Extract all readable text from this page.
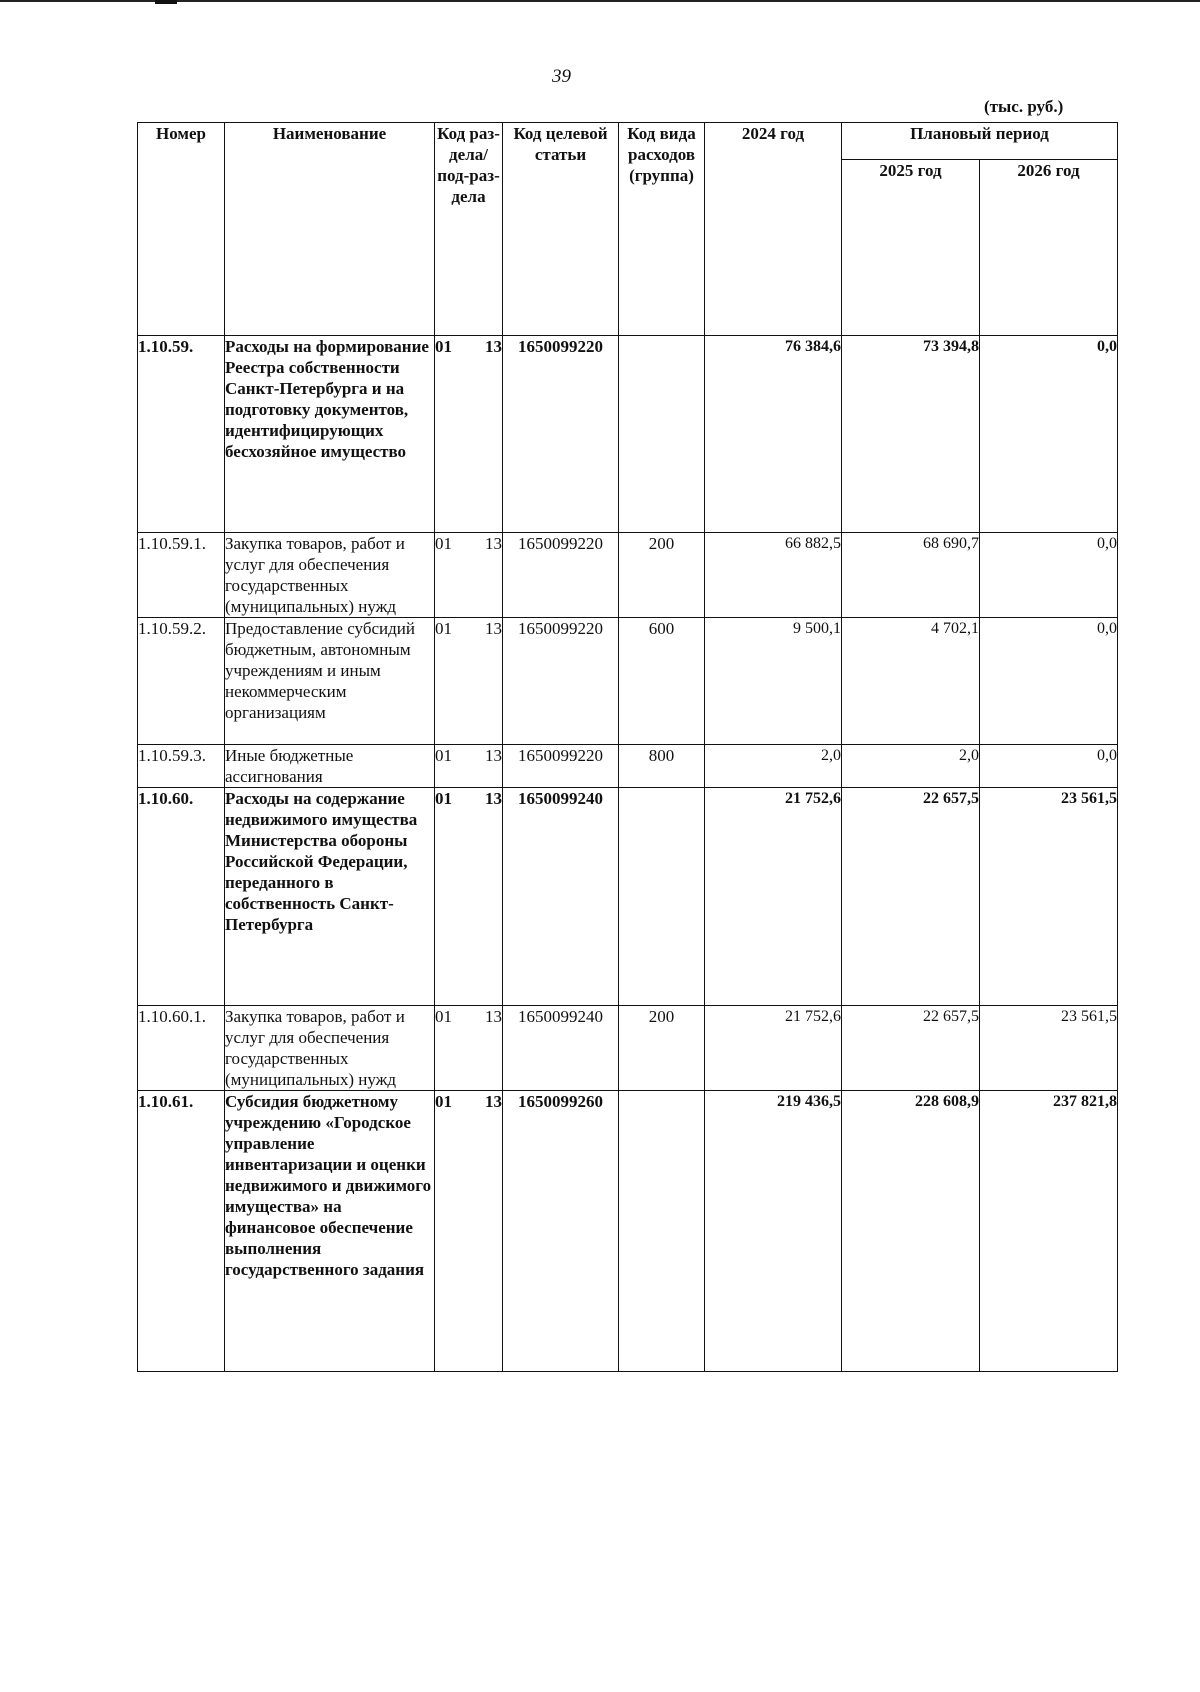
39
(тыс. руб.)
Номер	Наименование	Код раз-дела/ под-раз-дела	Код целевой статьи	Код вида расходов (группа)	2024 год	Плановый период	
						2025 год	2026 год
1.10.59.	Расходы на формирование Реестра собственности Санкт-Петербурга и на подготовку документов, идентифицирующих бесхозяйное имущество	01 13	1650099220		76 384,6	73 394,8	0,0
1.10.59.1.	Закупка товаров, работ и услуг для обеспечения государственных (муниципальных) нужд	01 13	1650099220	200	66 882,5	68 690,7	0,0
1.10.59.2.	Предоставление субсидий бюджетным, автономным учреждениям и иным некоммерческим организациям	01 13	1650099220	600	9 500,1	4 702,1	0,0
1.10.59.3.	Иные бюджетные ассигнования	01 13	1650099220	800	2,0	2,0	0,0
1.10.60.	Расходы на содержание недвижимого имущества Министерства обороны Российской Федерации, переданного в собственность Санкт-Петербурга	01 13	1650099240		21 752,6	22 657,5	23 561,5
1.10.60.1.	Закупка товаров, работ и услуг для обеспечения государственных (муниципальных) нужд	01 13	1650099240	200	21 752,6	22 657,5	23 561,5
1.10.61.	Субсидия бюджетному учреждению «Городское управление инвентаризации и оценки недвижимого и движимого имущества» на финансовое обеспечение выполнения государственного задания	01 13	1650099260		219 436,5	228 608,9	237 821,8
